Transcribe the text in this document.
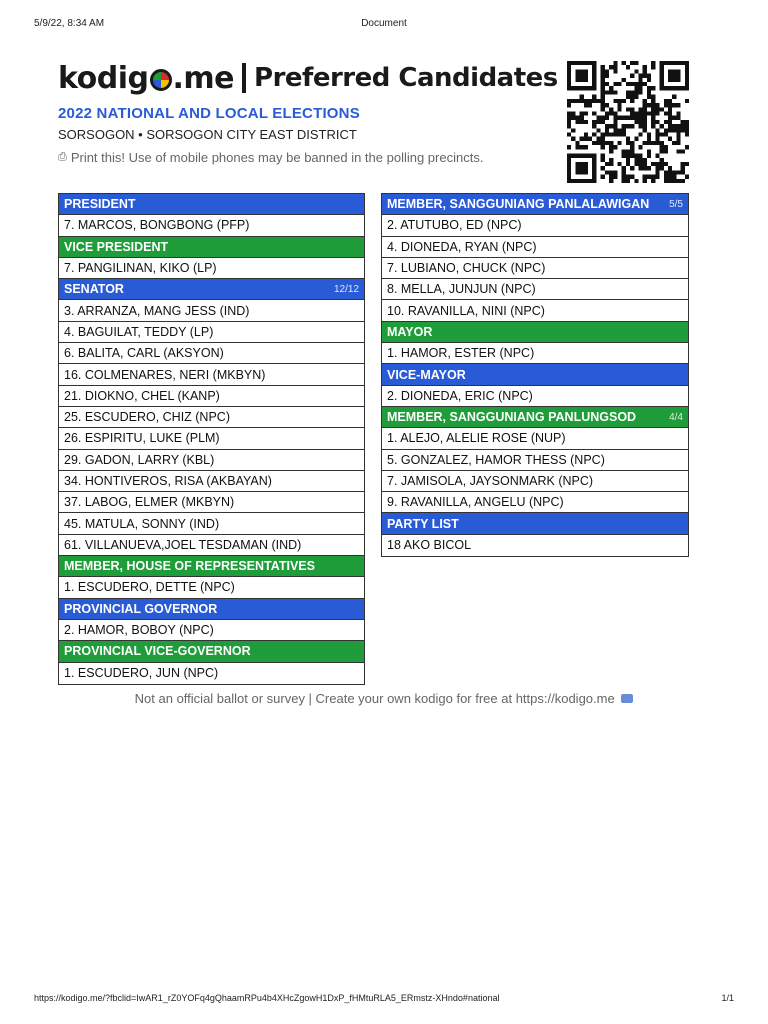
5/9/22, 8:34 AM	Document
kodig .me Preferred Candidates
2022 NATIONAL AND LOCAL ELECTIONS
SORSOGON • SORSOGON CITY EAST DISTRICT
⎙ Print this! Use of mobile phones may be banned in the polling precincts.
PRESIDENT
7. MARCOS, BONGBONG (PFP)
VICE PRESIDENT
7. PANGILINAN, KIKO (LP)
SENATOR	12/12
3. ARRANZA, MANG JESS (IND)
4. BAGUILAT, TEDDY (LP)
6. BALITA, CARL (AKSYON)
16. COLMENARES, NERI (MKBYN)
21. DIOKNO, CHEL (KANP)
25. ESCUDERO, CHIZ (NPC)
26. ESPIRITU, LUKE (PLM)
29. GADON, LARRY (KBL)
34. HONTIVEROS, RISA (AKBAYAN)
37. LABOG, ELMER (MKBYN)
45. MATULA, SONNY (IND)
61. VILLANUEVA,JOEL TESDAMAN (IND)
MEMBER, HOUSE OF REPRESENTATIVES
1. ESCUDERO, DETTE (NPC)
PROVINCIAL GOVERNOR
2. HAMOR, BOBOY (NPC)
PROVINCIAL VICE-GOVERNOR
1. ESCUDERO, JUN (NPC)
MEMBER, SANGGUNIANG PANLALAWIGAN 5/5
2. ATUTUBO, ED (NPC)
4. DIONEDA, RYAN (NPC)
7. LUBIANO, CHUCK (NPC)
8. MELLA, JUNJUN (NPC)
10. RAVANILLA, NINI (NPC)
MAYOR
1. HAMOR, ESTER (NPC)
VICE-MAYOR
2. DIONEDA, ERIC (NPC)
MEMBER, SANGGUNIANG PANLUNGSOD	4/4
1. ALEJO, ALELIE ROSE (NUP)
5. GONZALEZ, HAMOR THESS (NPC)
7. JAMISOLA, JAYSONMARK (NPC)
9. RAVANILLA, ANGELU (NPC)
PARTY LIST
18 AKO BICOL
Not an official ballot or survey | Create your own kodigo for free at https://kodigo.me
https://kodigo.me/?fbclid=IwAR1_rZ0YOFq4gQhaamRPu4b4XHcZgowH1DxP_fHMtuRLA5_ERmstz-XHndo#national	1/1
